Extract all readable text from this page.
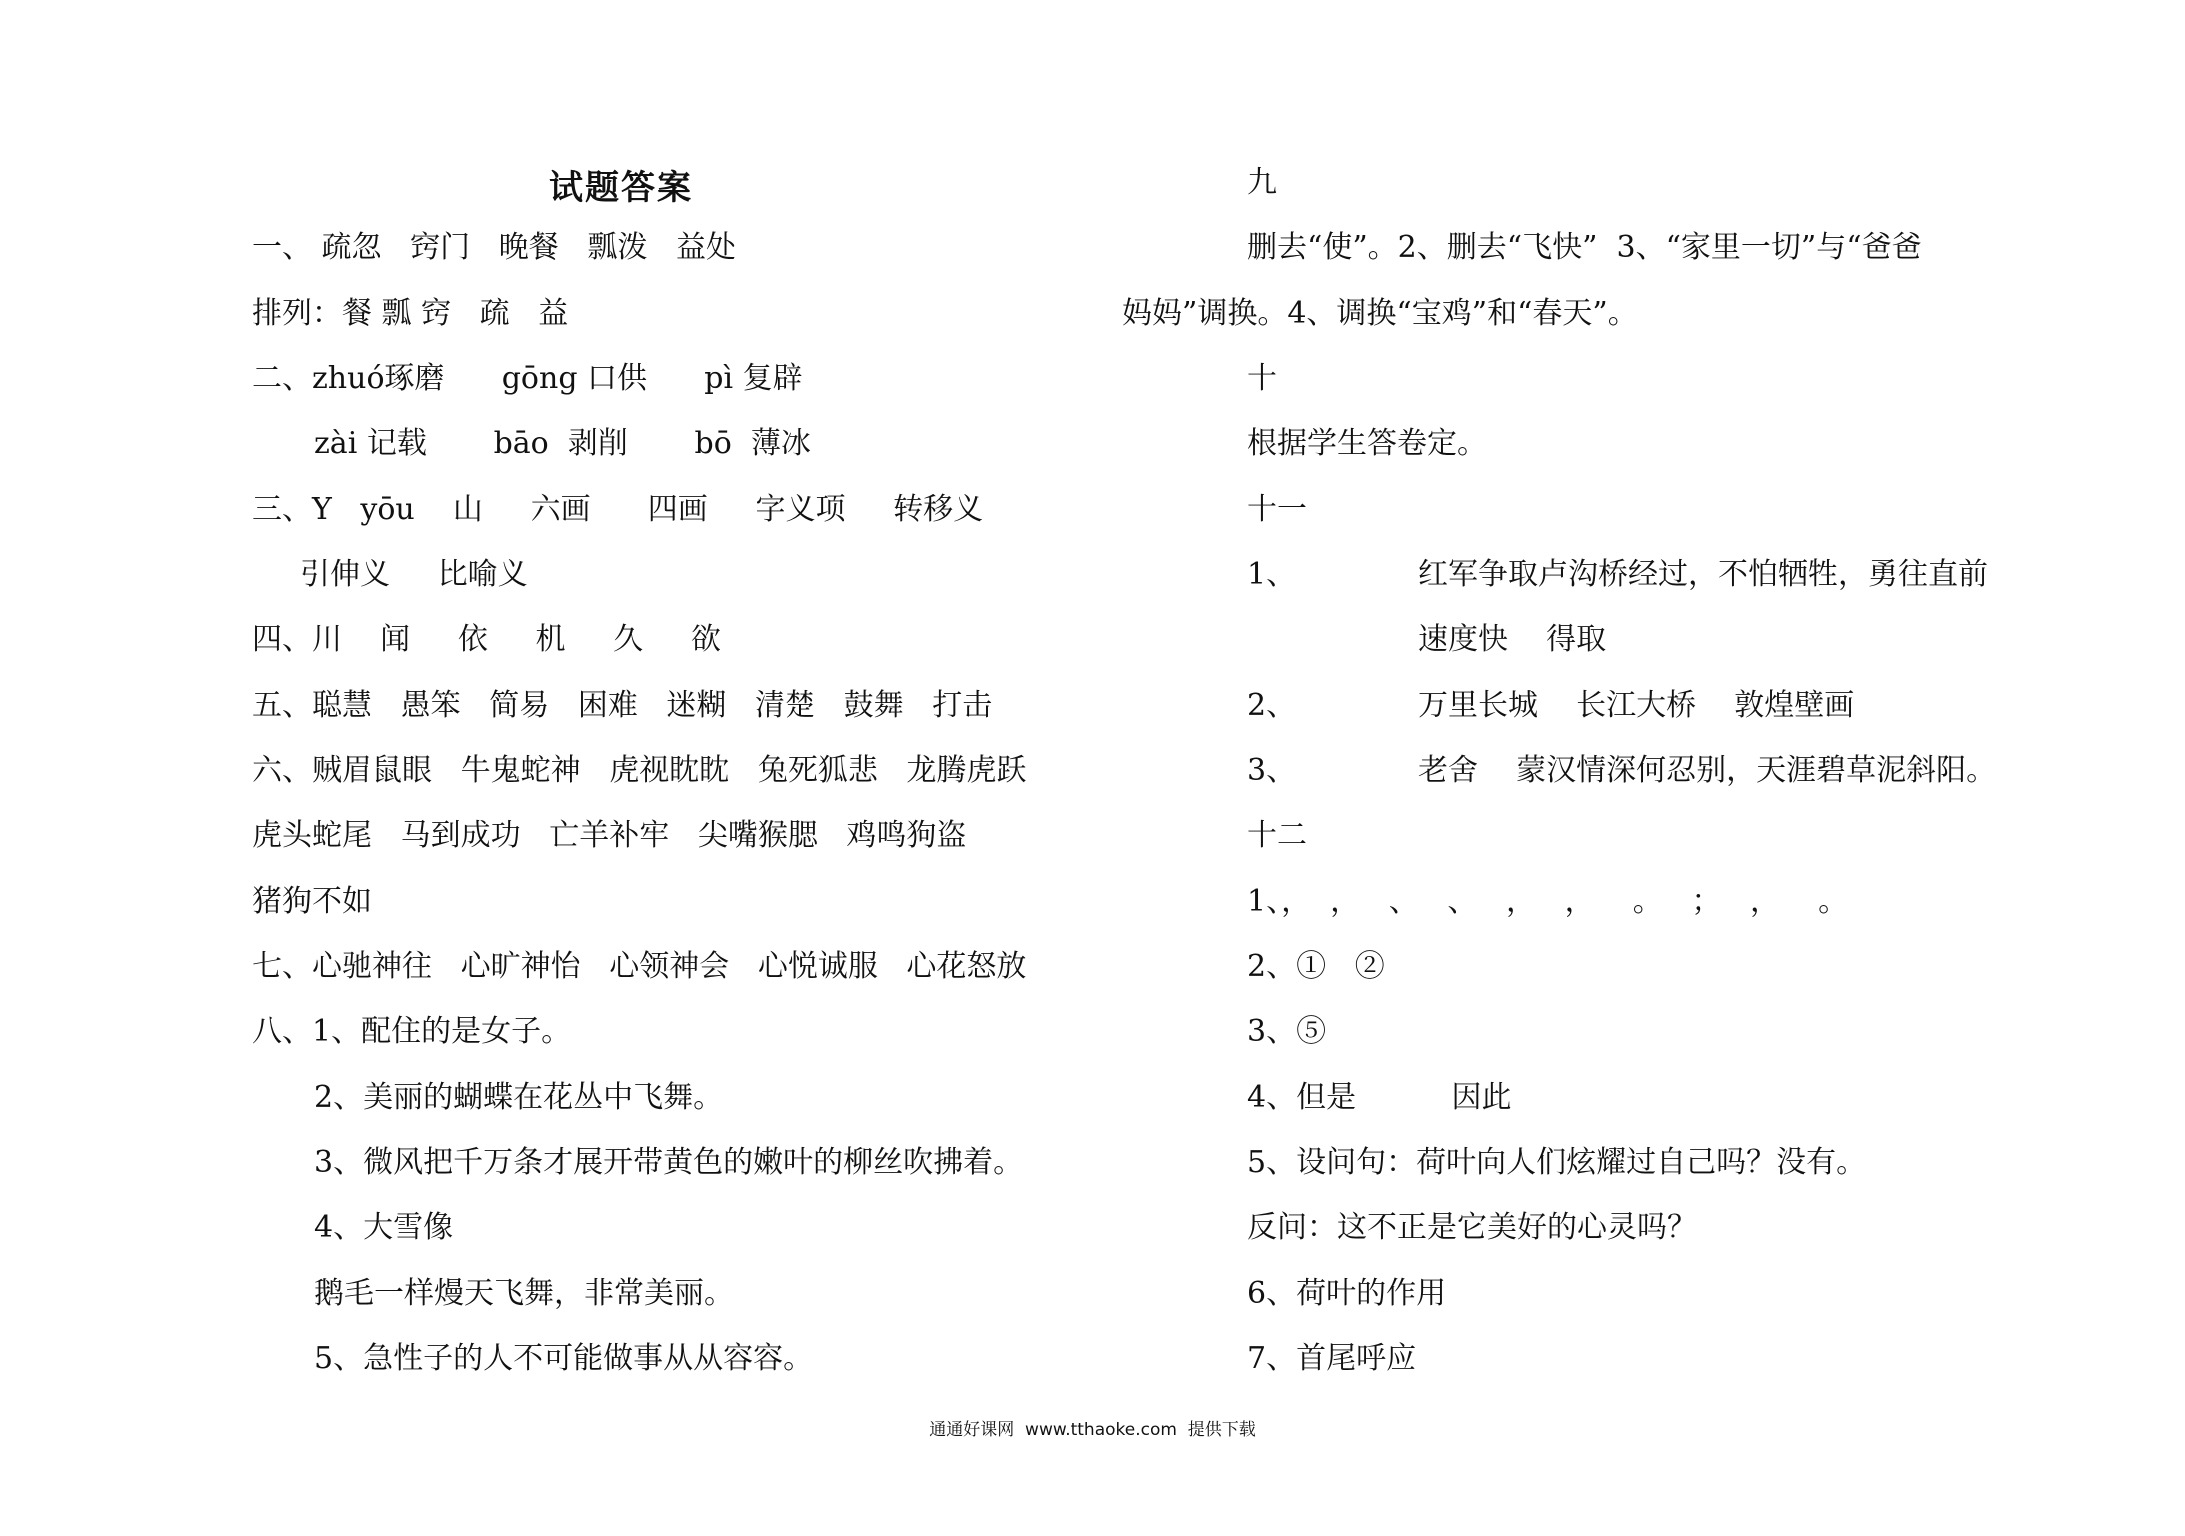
试题答案
一、 疏忽   窍门   晚餐   瓢泼   益处
排列：餐 瓢 窍   疏   益
二、zhuó琢磨      gōng 口供      pì 复辟
zài 记载       bāo  剥削       bō  薄冰
三、Y   yōu    山     六画      四画     字义项     转移义
引伸义     比喻义
四、川    闻     依     机     久     欲
五、聪慧   愚笨   简易   困难   迷糊   清楚   鼓舞   打击
六、贼眉鼠眼   牛鬼蛇神   虎视眈眈   兔死狐悲   龙腾虎跃
虎头蛇尾   马到成功   亡羊补牢   尖嘴猴腮   鸡鸣狗盗
猪狗不如
七、心驰神往   心旷神怡   心领神会   心悦诚服   心花怒放
八、1、配住的是女子。
2、美丽的蝴蝶在花丛中飞舞。
3、微风把千万条才展开带黄色的嫩叶的柳丝吹拂着。
4、大雪像
鹅毛一样熳天飞舞，非常美丽。
5、急性子的人不可能做事从从容容。
九
删去“使”。2、删去“飞快”  3、“家里一切”与“爸爸
妈妈”调换。4、调换“宝鸡”和“春天”。
十
根据学生答卷定。
十一
1、	红军争取卢沟桥经过，不怕牺牲，勇往直前
速度快    得取
2、	万里长城    长江大桥    敦煌壁画
3、	老舍    蒙汉情深何忍别，天涯碧草泥斜阳。
十二
1、，  ，   、   、   ，   ，    。   ；   ，    。
2、①   ②
3、⑤
4、但是          因此
5、设问句：荷叶向人们炫耀过自己吗？没有。
反问：这不正是它美好的心灵吗？
6、荷叶的作用
7、首尾呼应
通通好课网  www.tthaoke.com  提供下载
